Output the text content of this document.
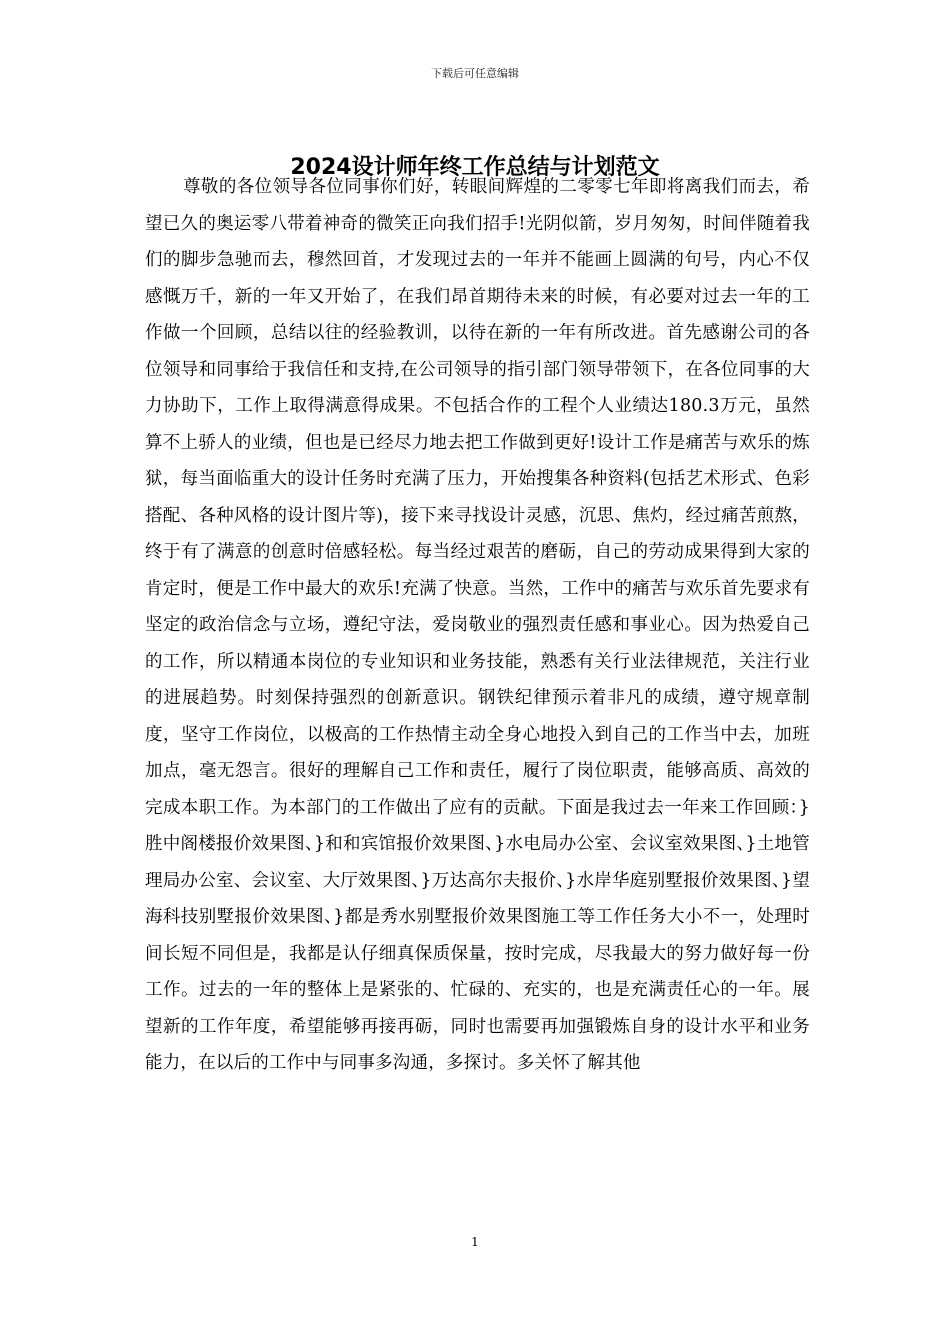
下载后可任意编辑
2024设计师年终工作总结与计划范文

尊敬的各位领导各位同事你们好，转眼间辉煌的二零零七年即将离我们而去，希望已久的奥运零八带着神奇的微笑正向我们招手!光阴似箭，岁月匆匆，时间伴随着我们的脚步急驰而去，穆然回首，才发现过去的一年并不能画上圆满的句号，内心不仅感慨万千，新的一年又开始了，在我们昂首期待未来的时候，有必要对过去一年的工作做一个回顾，总结以往的经验教训，以待在新的一年有所改进。首先感谢公司的各位领导和同事给于我信任和支持,在公司领导的指引部门领导带领下，在各位同事的大力协助下，工作上取得满意得成果。不包括合作的工程个人业绩达180.3万元，虽然算不上骄人的业绩，但也是已经尽力地去把工作做到更好!设计工作是痛苦与欢乐的炼狱，每当面临重大的设计任务时充满了压力，开始搜集各种资料(包括艺术形式、色彩搭配、各种风格的设计图片等)，接下来寻找设计灵感，沉思、焦灼，经过痛苦煎熬，终于有了满意的创意时倍感轻松。每当经过艰苦的磨砺，自己的劳动成果得到大家的肯定时，便是工作中最大的欢乐!充满了快意。当然，工作中的痛苦与欢乐首先要求有坚定的政治信念与立场，遵纪守法，爱岗敬业的强烈责任感和事业心。因为热爱自己的工作，所以精通本岗位的专业知识和业务技能，熟悉有关行业法律规范，关注行业的进展趋势。时刻保持强烈的创新意识。钢铁纪律预示着非凡的成绩，遵守规章制度，坚守工作岗位，以极高的工作热情主动全身心地投入到自己的工作当中去，加班加点，毫无怨言。很好的理解自己工作和责任，履行了岗位职责，能够高质、高效的完成本职工作。为本部门的工作做出了应有的贡献。下面是我过去一年来工作回顾：}胜中阁楼报价效果图、}和和宾馆报价效果图、}水电局办公室、会议室效果图、}土地管理局办公室、会议室、大厅效果图、}万达高尔夫报价、}水岸华庭别墅报价效果图、}望海科技别墅报价效果图、}都是秀水别墅报价效果图施工等工作任务大小不一，处理时间长短不同但是，我都是认仔细真保质保量，按时完成，尽我最大的努力做好每一份工作。过去的一年的整体上是紧张的、忙碌的、充实的，也是充满责任心的一年。展望新的工作年度，希望能够再接再砺，同时也需要再加强锻炼自身的设计水平和业务能力，在以后的工作中与同事多沟通，多探讨。多关怀了解其他

1
